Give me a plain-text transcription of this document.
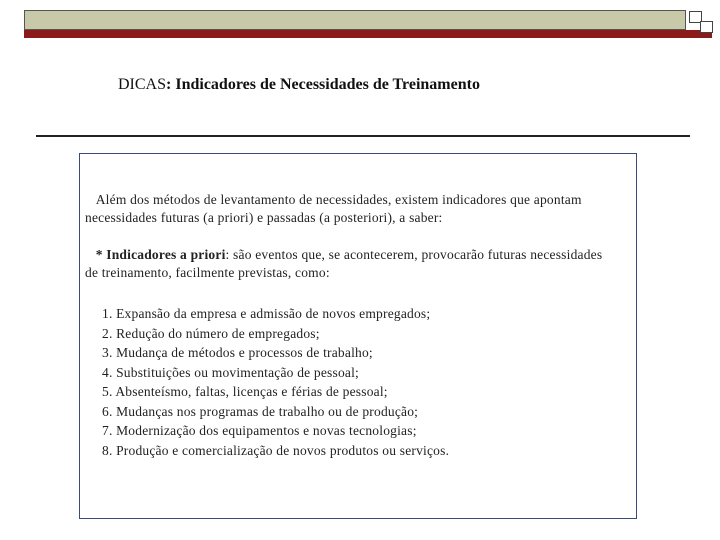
DICAS: Indicadores de Necessidades de Treinamento
Além dos métodos de levantamento de necessidades, existem indicadores que apontam necessidades futuras (a priori) e passadas (a posteriori), a saber:
* Indicadores a priori: são eventos que, se acontecerem, provocarão futuras necessidades de treinamento, facilmente previstas, como:
1. Expansão da empresa e admissão de novos empregados;
2. Redução do número de empregados;
3. Mudança de métodos e processos de trabalho;
4. Substituições ou movimentação de pessoal;
5. Absenteísmo, faltas, licenças e férias de pessoal;
6. Mudanças nos programas de trabalho ou de produção;
7. Modernização dos equipamentos e novas tecnologias;
8. Produção e comercialização de novos produtos ou serviços.
